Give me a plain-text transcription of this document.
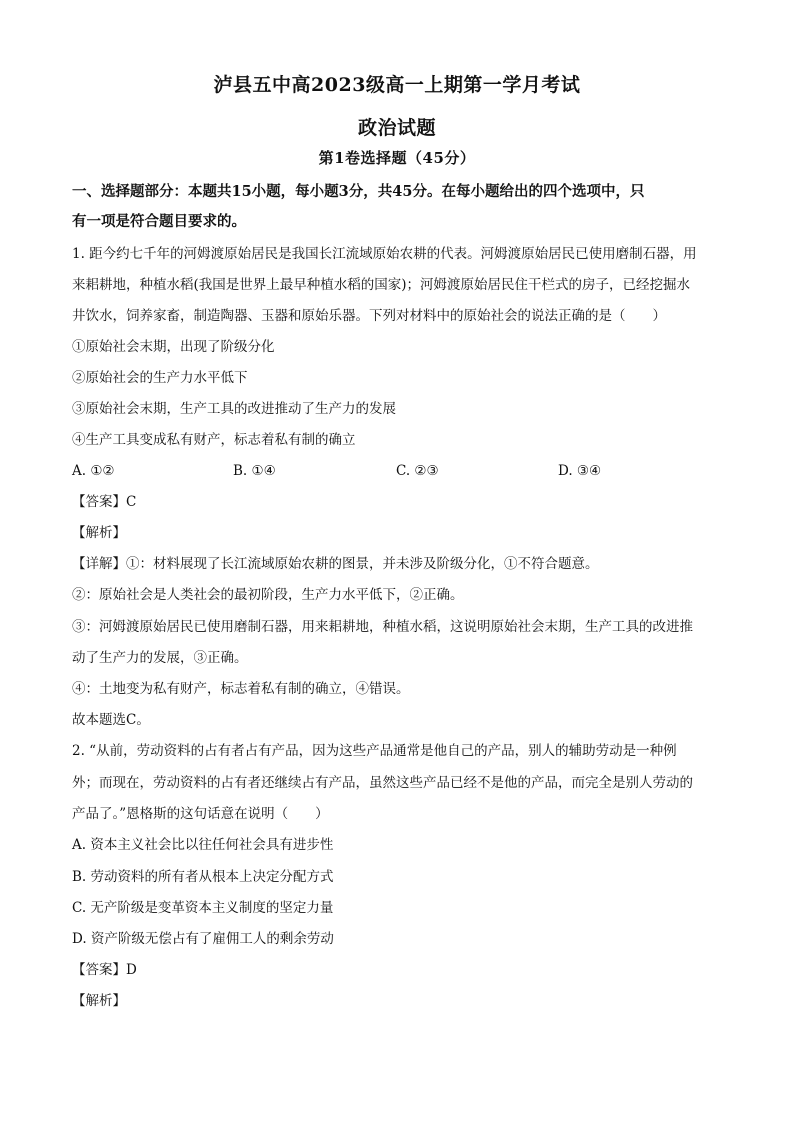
泸县五中高2023级高一上期第一学月考试
政治试题
第1卷选择题（45分）
一、选择题部分：本题共15小题，每小题3分，共45分。在每小题给出的四个选项中，只
有一项是符合题目要求的。
1. 距今约七千年的河姆渡原始居民是我国长江流域原始农耕的代表。河姆渡原始居民已使用磨制石器，用
来耜耕地，种植水稻(我国是世界上最早种植水稻的国家)；河姆渡原始居民住干栏式的房子，已经挖掘水
井饮水，饲养家畜，制造陶器、玉器和原始乐器。下列对材料中的原始社会的说法正确的是（　　）
①原始社会末期，出现了阶级分化
②原始社会的生产力水平低下
③原始社会末期，生产工具的改进推动了生产力的发展
④生产工具变成私有财产，标志着私有制的确立
A. ①②	B. ①④	C. ②③	D. ③④
【答案】C
【解析】
【详解】①：材料展现了长江流域原始农耕的图景，并未涉及阶级分化，①不符合题意。
②：原始社会是人类社会的最初阶段，生产力水平低下，②正确。
③：河姆渡原始居民已使用磨制石器，用来耜耕地，种植水稻，这说明原始社会末期，生产工具的改进推
动了生产力的发展，③正确。
④：土地变为私有财产，标志着私有制的确立，④错误。
故本题选C。
2. “从前，劳动资料的占有者占有产品，因为这些产品通常是他自己的产品，别人的辅助劳动是一种例
外；而现在，劳动资料的占有者还继续占有产品，虽然这些产品已经不是他的产品，而完全是别人劳动的
产品了。”恩格斯的这句话意在说明（　　）
A. 资本主义社会比以往任何社会具有进步性
B. 劳动资料的所有者从根本上决定分配方式
C. 无产阶级是变革资本主义制度的坚定力量
D. 资产阶级无偿占有了雇佣工人的剩余劳动
【答案】D
【解析】
